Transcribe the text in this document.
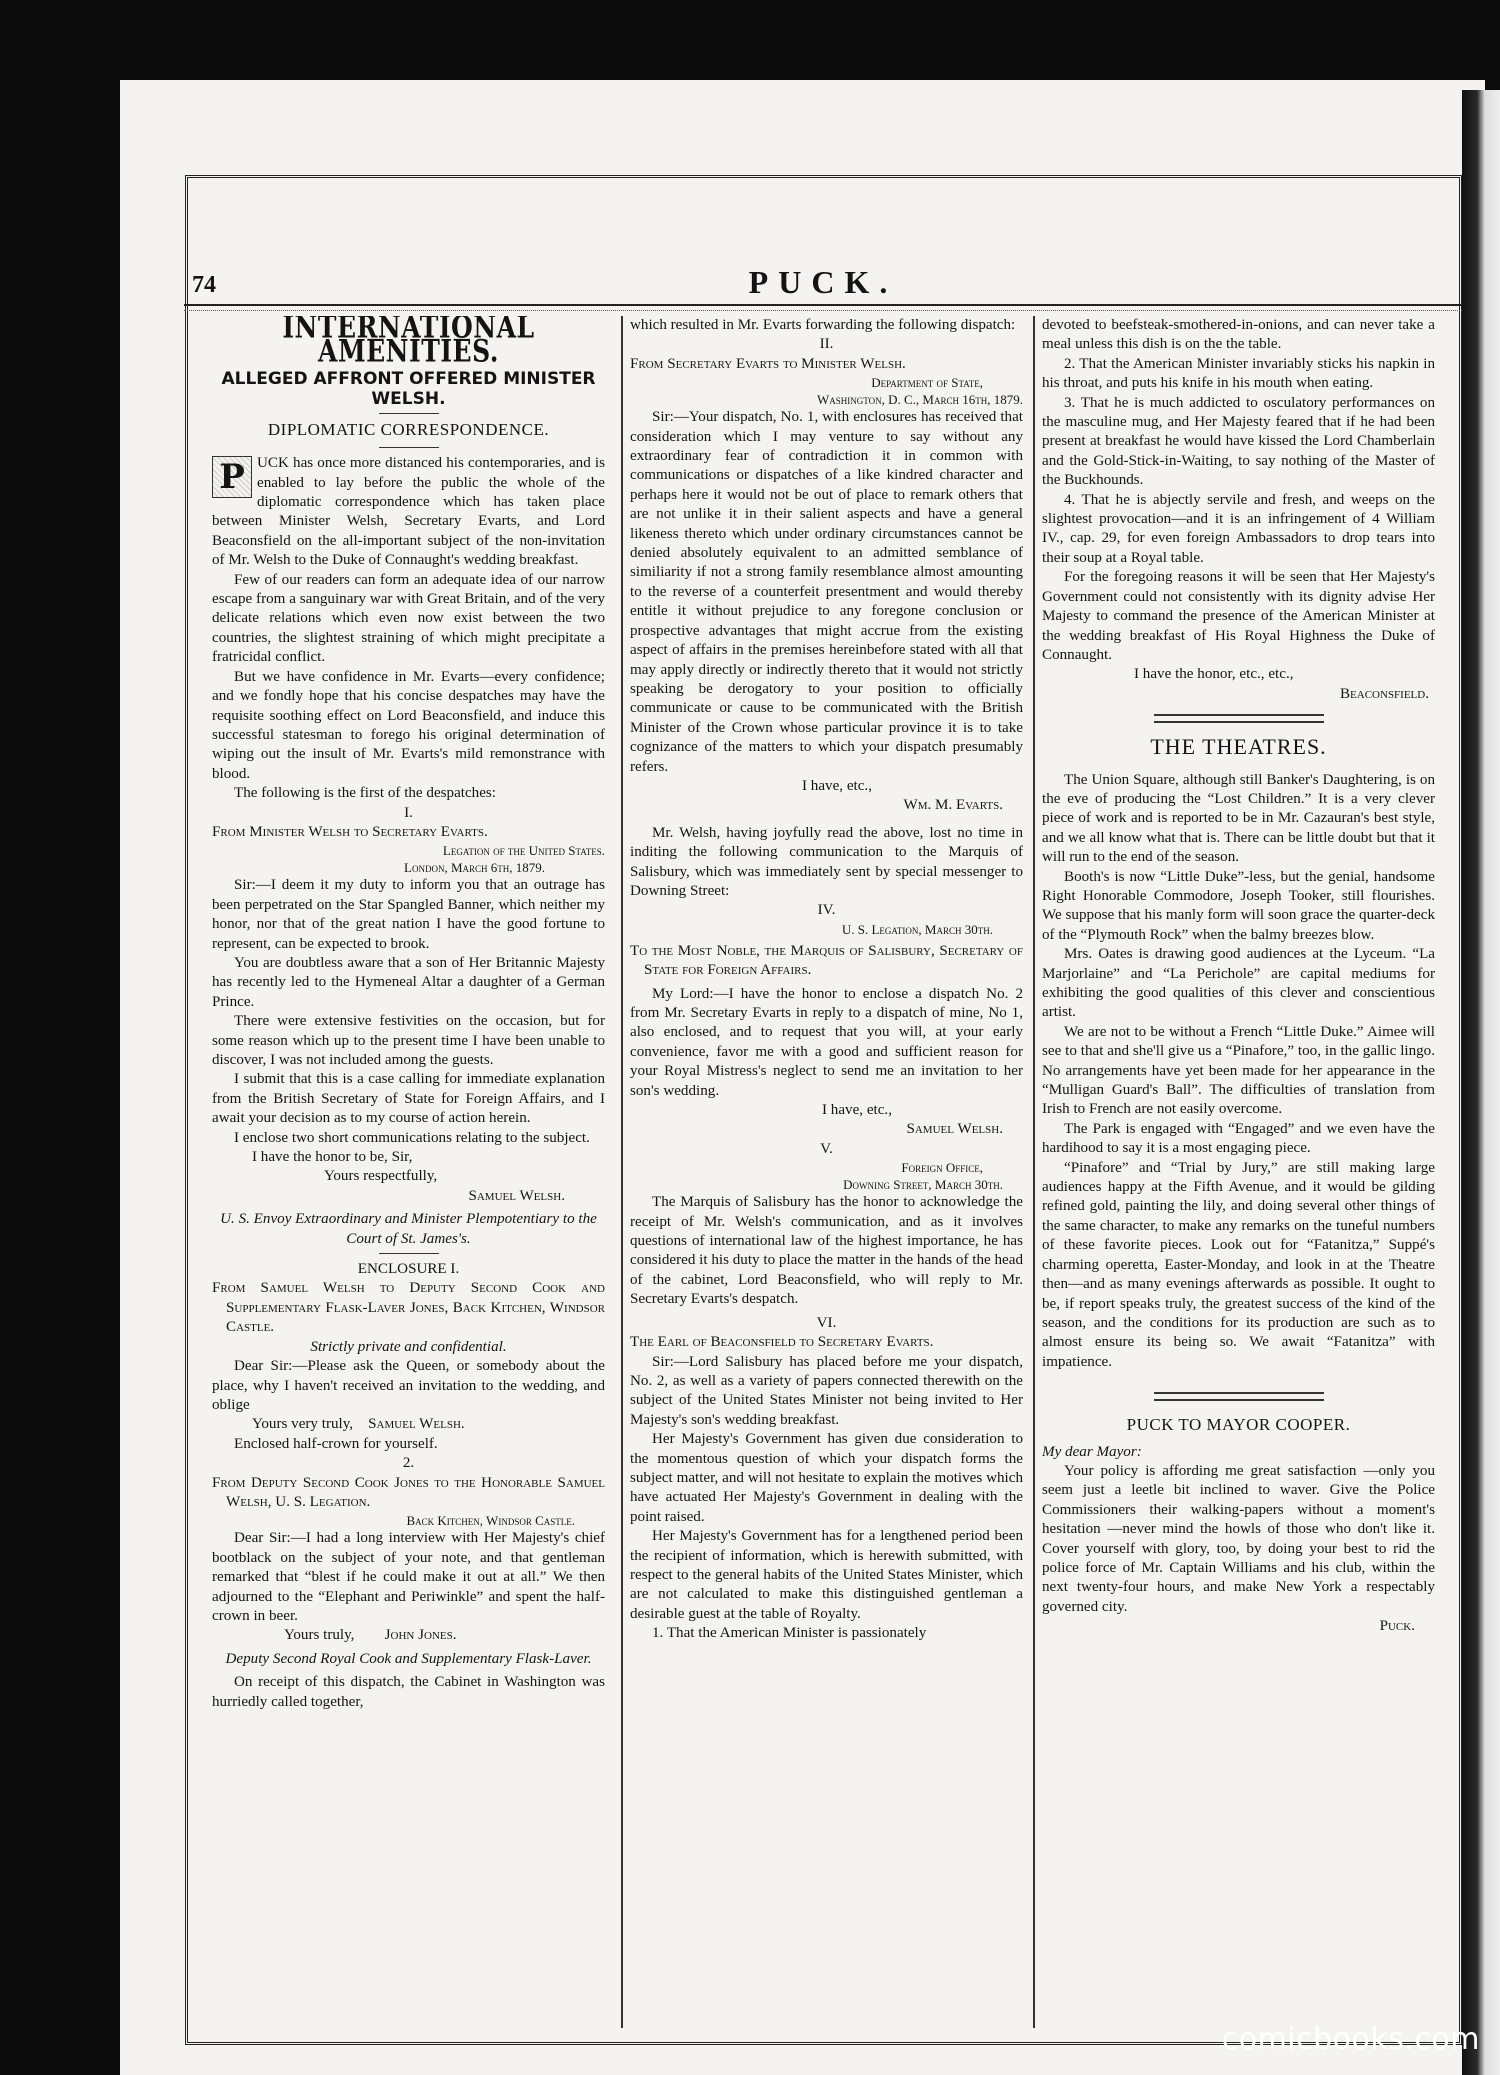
74	PUCK.
INTERNATIONAL AMENITIES.
ALLEGED AFFRONT OFFERED MINISTER WELSH.
DIPLOMATIC CORRESPONDENCE.

P UCK has once more distanced his contemporaries, and is enabled to lay before the public the whole of the diplomatic correspondence which has taken place between Minister Welsh, Secretary Evarts, and Lord Beaconsfield on the all-important subject of the non-invitation of Mr. Welsh to the Duke of Connaught's wedding breakfast.

Few of our readers can form an adequate idea of our narrow escape from a sanguinary war with Great Britain, and of the very delicate relations which even now exist between the two countries, the slightest straining of which might precipitate a fratricidal conflict.

But we have confidence in Mr. Evarts—every confidence; and we fondly hope that his concise despatches may have the requisite soothing effect on Lord Beaconsfield, and induce this successful statesman to forego his original determination of wiping out the insult of Mr. Evarts's mild remonstrance with blood.

The following is the first of the despatches:

I.

From Minister Welsh to Secretary Evarts.

Legation of the United States.

London, March 6th, 1879.

Sir:—I deem it my duty to inform you that an outrage has been perpetrated on the Star Spangled Banner, which neither my honor, nor that of the great nation I have the good fortune to represent, can be expected to brook.

You are doubtless aware that a son of Her Britannic Majesty has recently led to the Hymeneal Altar a daughter of a German Prince.

There were extensive festivities on the occasion, but for some reason which up to the present time I have been unable to discover, I was not included among the guests.

I submit that this is a case calling for immediate explanation from the British Secretary of State for Foreign Affairs, and I await your decision as to my course of action herein.

I enclose two short communications relating to the subject.

I have the honor to be, Sir,

Yours respectfully,

Samuel Welsh.

U. S. Envoy Extraordinary and Minister Plempotentiary to the Court of St. James's.

ENCLOSURE I.

From Samuel Welsh to Deputy Second Cook and Supplementary Flask-Laver Jones, Back Kitchen, Windsor Castle.

Strictly private and confidential.

Dear Sir:—Please ask the Queen, or somebody about the place, why I haven't received an invitation to the wedding, and oblige

Yours very truly, Samuel Welsh.

Enclosed half-crown for yourself.

2.

From Deputy Second Cook Jones to the Honorable Samuel Welsh, U. S. Legation.

Back Kitchen, Windsor Castle.

Dear Sir:—I had a long interview with Her Majesty's chief bootblack on the subject of your note, and that gentleman remarked that “blest if he could make it out at all.” We then adjourned to the “Elephant and Periwinkle” and spent the half-crown in beer.

Yours truly, John Jones.

Deputy Second Royal Cook and Supplementary Flask-Laver.

On receipt of this dispatch, the Cabinet in Washington was hurriedly called together,

which resulted in Mr. Evarts forwarding the following dispatch:

II.

From Secretary Evarts to Minister Welsh.

Department of State,

Washington, D. C., March 16th, 1879.

Sir:—Your dispatch, No. 1, with enclosures has received that consideration which I may venture to say without any extraordinary fear of contradiction it in common with communications or dispatches of a like kindred character and perhaps here it would not be out of place to remark others that are not unlike it in their salient aspects and have a general likeness thereto which under ordinary circumstances cannot be denied absolutely equivalent to an admitted semblance of similiarity if not a strong family resemblance almost amounting to the reverse of a counterfeit presentment and would thereby entitle it without prejudice to any foregone conclusion or prospective advantages that might accrue from the existing aspect of affairs in the premises hereinbefore stated with all that may apply directly or indirectly thereto that it would not strictly speaking be derogatory to your position to officially communicate or cause to be communicated with the British Minister of the Crown whose particular province it is to take cognizance of the matters to which your dispatch presumably refers.

I have, etc.,

Wm. M. Evarts.

Mr. Welsh, having joyfully read the above, lost no time in inditing the following communication to the Marquis of Salisbury, which was immediately sent by special messenger to Downing Street:

IV.

U. S. Legation, March 30th.

To the Most Noble, the Marquis of Salisbury, Secretary of State for Foreign Affairs.

My Lord:—I have the honor to enclose a dispatch No. 2 from Mr. Secretary Evarts in reply to a dispatch of mine, No 1, also enclosed, and to request that you will, at your early convenience, favor me with a good and sufficient reason for your Royal Mistress's neglect to send me an invitation to her son's wedding.

I have, etc.,

Samuel Welsh.

V.

Foreign Office,

Downing Street, March 30th.

The Marquis of Salisbury has the honor to acknowledge the receipt of Mr. Welsh's communication, and as it involves questions of international law of the highest importance, he has considered it his duty to place the matter in the hands of the head of the cabinet, Lord Beaconsfield, who will reply to Mr. Secretary Evarts's despatch.

VI.

The Earl of Beaconsfield to Secretary Evarts.

Sir:—Lord Salisbury has placed before me your dispatch, No. 2, as well as a variety of papers connected therewith on the subject of the United States Minister not being invited to Her Majesty's son's wedding breakfast.

Her Majesty's Government has given due consideration to the momentous question of which your dispatch forms the subject matter, and will not hesitate to explain the motives which have actuated Her Majesty's Government in dealing with the point raised.

Her Majesty's Government has for a lengthened period been the recipient of information, which is herewith submitted, with respect to the general habits of the United States Minister, which are not calculated to make this distinguished gentleman a desirable guest at the table of Royalty.

1. That the American Minister is passionately

devoted to beefsteak-smothered-in-onions, and can never take a meal unless this dish is on the the table.

2. That the American Minister invariably sticks his napkin in his throat, and puts his knife in his mouth when eating.

3. That he is much addicted to osculatory performances on the masculine mug, and Her Majesty feared that if he had been present at breakfast he would have kissed the Lord Chamberlain and the Gold-Stick-in-Waiting, to say nothing of the Master of the Buckhounds.

4. That he is abjectly servile and fresh, and weeps on the slightest provocation—and it is an infringement of 4 William IV., cap. 29, for even foreign Ambassadors to drop tears into their soup at a Royal table.

For the foregoing reasons it will be seen that Her Majesty's Government could not consistently with its dignity advise Her Majesty to command the presence of the American Minister at the wedding breakfast of His Royal Highness the Duke of Connaught.

I have the honor, etc., etc.,

Beaconsfield.

THE THEATRES.

The Union Square, although still Banker's Daughtering, is on the eve of producing the “Lost Children.” It is a very clever piece of work and is reported to be in Mr. Cazauran's best style, and we all know what that is. There can be little doubt but that it will run to the end of the season.

Booth's is now “Little Duke”-less, but the genial, handsome Right Honorable Commodore, Joseph Tooker, still flourishes. We suppose that his manly form will soon grace the quarter-deck of the “Plymouth Rock” when the balmy breezes blow.

Mrs. Oates is drawing good audiences at the Lyceum. “La Marjorlaine” and “La Perichole” are capital mediums for exhibiting the good qualities of this clever and conscientious artist.

We are not to be without a French “Little Duke.” Aimee will see to that and she'll give us a “Pinafore,” too, in the gallic lingo. No arrangements have yet been made for her appearance in the “Mulligan Guard's Ball”. The difficulties of translation from Irish to French are not easily overcome.

The Park is engaged with “Engaged” and we even have the hardihood to say it is a most engaging piece.

“Pinafore” and “Trial by Jury,” are still making large audiences happy at the Fifth Avenue, and it would be gilding refined gold, painting the lily, and doing several other things of the same character, to make any remarks on the tuneful numbers of these favorite pieces. Look out for “Fatanitza,” Suppé's charming operetta, Easter-Monday, and look in at the Theatre then—and as many evenings afterwards as possible. It ought to be, if report speaks truly, the greatest success of the kind of the season, and the conditions for its production are such as to almost ensure its being so. We await “Fatanitza” with impatience.

PUCK TO MAYOR COOPER.

My dear Mayor:

Your policy is affording me great satisfaction —only you seem just a leetle bit inclined to waver. Give the Police Commissioners their walking-papers without a moment's hesitation —never mind the howls of those who don't like it. Cover yourself with glory, too, by doing your best to rid the police force of Mr. Captain Williams and his club, within the next twenty-four hours, and make New York a respectably governed city.

Puck.

comicbooks.com
